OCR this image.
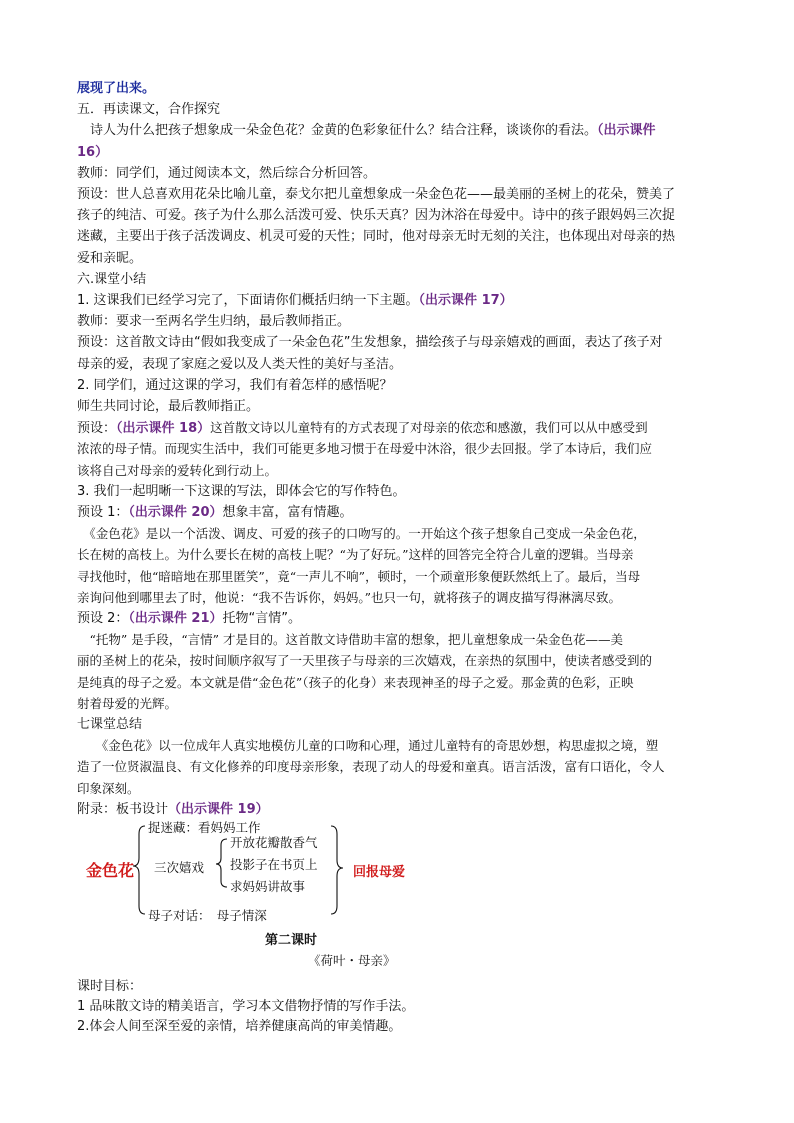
展现了出来。
五．再读课文，合作探究
　诗人为什么把孩子想象成一朵金色花？金黄的色彩象征什么？结合注释，谈谈你的看法。（出示课件
16）
教师：同学们，通过阅读本文，然后综合分析回答。
预设：世人总喜欢用花朵比喻儿童，泰戈尔把儿童想象成一朵金色花——最美丽的圣树上的花朵，赞美了
孩子的纯洁、可爱。孩子为什么那么活泼可爱、快乐天真？因为沐浴在母爱中。诗中的孩子跟妈妈三次捉
迷藏，主要出于孩子活泼调皮、机灵可爱的天性；同时，他对母亲无时无刻的关注，也体现出对母亲的热
爱和亲昵。
六.课堂小结
1. 这课我们已经学习完了，下面请你们概括归纳一下主题。（出示课件 17）
教师：要求一至两名学生归纳，最后教师指正。
预设：这首散文诗由“假如我变成了一朵金色花”生发想象，描绘孩子与母亲嬉戏的画面，表达了孩子对
母亲的爱，表现了家庭之爱以及人类天性的美好与圣洁。
2. 同学们，通过这课的学习，我们有着怎样的感悟呢？
师生共同讨论，最后教师指正。
预设：（出示课件 18）这首散文诗以儿童特有的方式表现了对母亲的依恋和感激，我们可以从中感受到
浓浓的母子情。而现实生活中，我们可能更多地习惯于在母爱中沐浴，很少去回报。学了本诗后，我们应
该将自己对母亲的爱转化到行动上。
3. 我们一起明晰一下这课的写法，即体会它的写作特色。
预设 1：（出示课件 20）想象丰富，富有情趣。
　《金色花》是以一个活泼、调皮、可爱的孩子的口吻写的。一开始这个孩子想象自己变成一朵金色花，
长在树的高枝上。为什么要长在树的高枝上呢？“为了好玩。”这样的回答完全符合儿童的逻辑。当母亲
寻找他时，他“暗暗地在那里匿笑”，竟“一声儿不响”，顿时，一个顽童形象便跃然纸上了。最后，当母
亲询问他到哪里去了时，他说：“我不告诉你，妈妈。”也只一句，就将孩子的调皮描写得淋漓尽致。
预设 2：（出示课件 21）托物“言情”。
　“托物” 是手段，“言情” 才是目的。这首散文诗借助丰富的想象，把儿童想象成一朵金色花——美
丽的圣树上的花朵，按时间顺序叙写了一天里孩子与母亲的三次嬉戏，在亲热的氛围中，使读者感受到的
是纯真的母子之爱。本文就是借“金色花”（孩子的化身）来表现神圣的母子之爱。那金黄的色彩，正映
射着母爱的光辉。
七课堂总结
　　《金色花》以一位成年人真实地模仿儿童的口吻和心理，通过儿童特有的奇思妙想，构思虚拟之境，塑
造了一位贤淑温良、有文化修养的印度母亲形象，表现了动人的母爱和童真。语言活泼，富有口语化，令人
印象深刻。
附录：板书设计（出示课件 19）
金色花
捉迷藏：看妈妈工作
三次嬉戏
开放花瓣散香气
投影子在书页上
求妈妈讲故事
母子对话：　母子情深
回报母爱
第二课时
《荷叶・母亲》
课时目标：
1 品味散文诗的精美语言，学习本文借物抒情的写作手法。
2.体会人间至深至爱的亲情，培养健康高尚的审美情趣。
